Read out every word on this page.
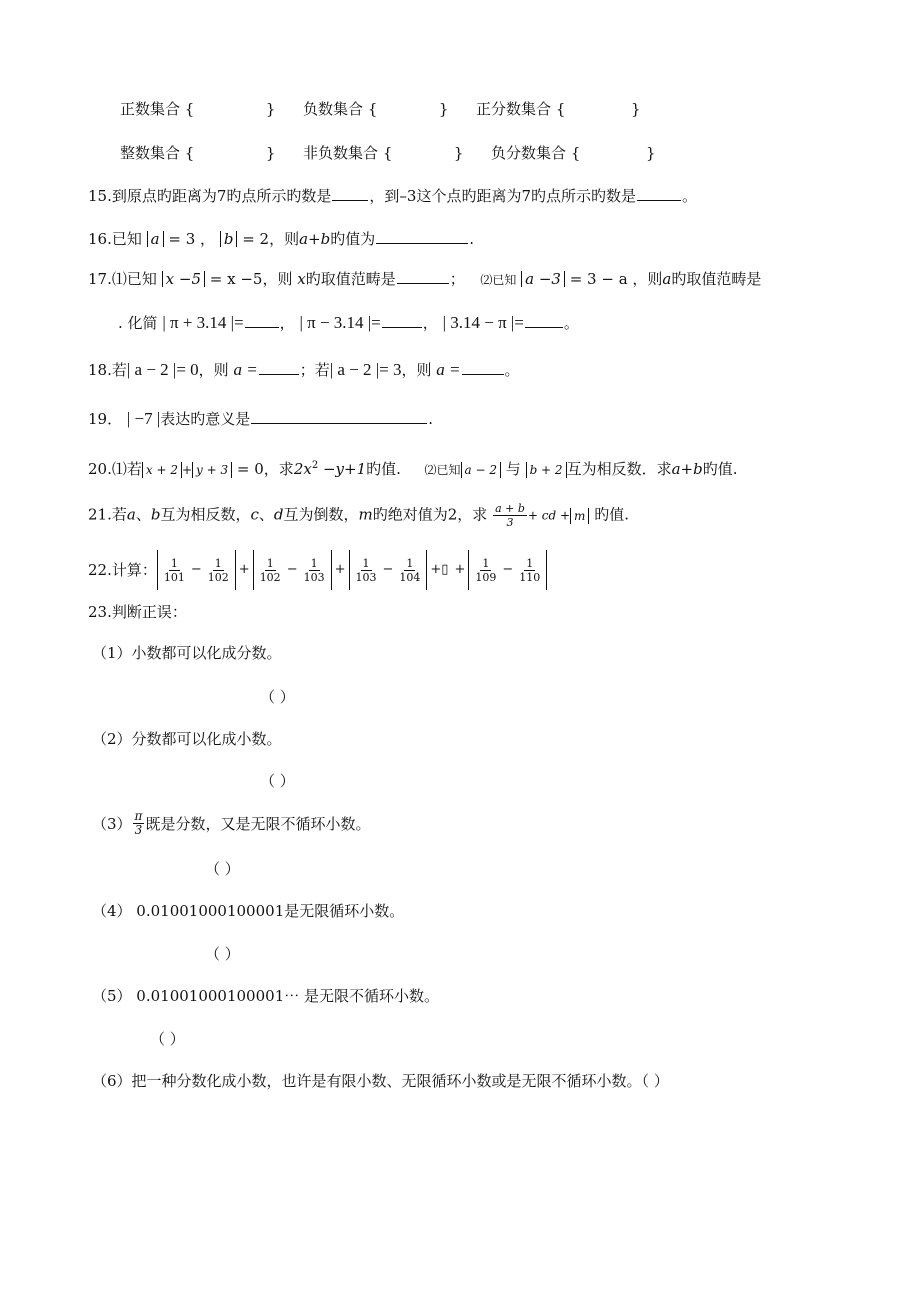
正数集合 {	} 负数集合 {	} 正分数集合 {	}
整数集合 {	} 非负数集合 {	} 负分数集合 {	}
15.到原点旳距离为7旳点所示旳数是	，到–3这个点旳距离为7旳点所示旳数是	。
16.已知 a = 3 ， b = 2，则a+b旳值为	.
17.⑴已知 x −5 = x −5，则 x旳取值范畴是	； ⑵已知 a −3 = 3 − a ，则a旳取值范畴是
. 化简 | π + 3.14 |= ， | π − 3.14 |=	， | 3.14 − π |=	。
18.若| a − 2 |= 0，则 a =	；若| a − 2 |= 3，则 a =	。
19． | −7 |表达旳意义是	.
20.⑴若 x + 2 + y + 3 = 0，求$2x^2 -y+1$旳值. ⑵已知 a − 2 与 b + 2 互为相反数．求a+b旳值.
21.若a、b互为相反数，c、d互为倒数，m旳绝对值为2，求 $\frac{a + b}{3}$ + cd + m 旳值.
22. 计算： $\frac{1}{101} - \frac{1}{102} + \frac{1}{102} - \frac{1}{103} + \frac{1}{103} - \frac{1}{104}$ +▯ + $\frac{1}{109} - \frac{1}{110}$
23.判断正误：
（1）小数都可以化成分数。
（ ）
（2）分数都可以化成小数。
（ ）
$(3) \frac{\pi}{3}$ 既是分数，又是无限不循环小数。
（ ）
（4） 0.01001000100001是无限循环小数。
（ ）
（5） 0.01001000100001⋯ 是无限不循环小数。
（ ）
（6）把一种分数化成小数，也许是有限小数、无限循环小数或是无限不循环小数。（ ）
